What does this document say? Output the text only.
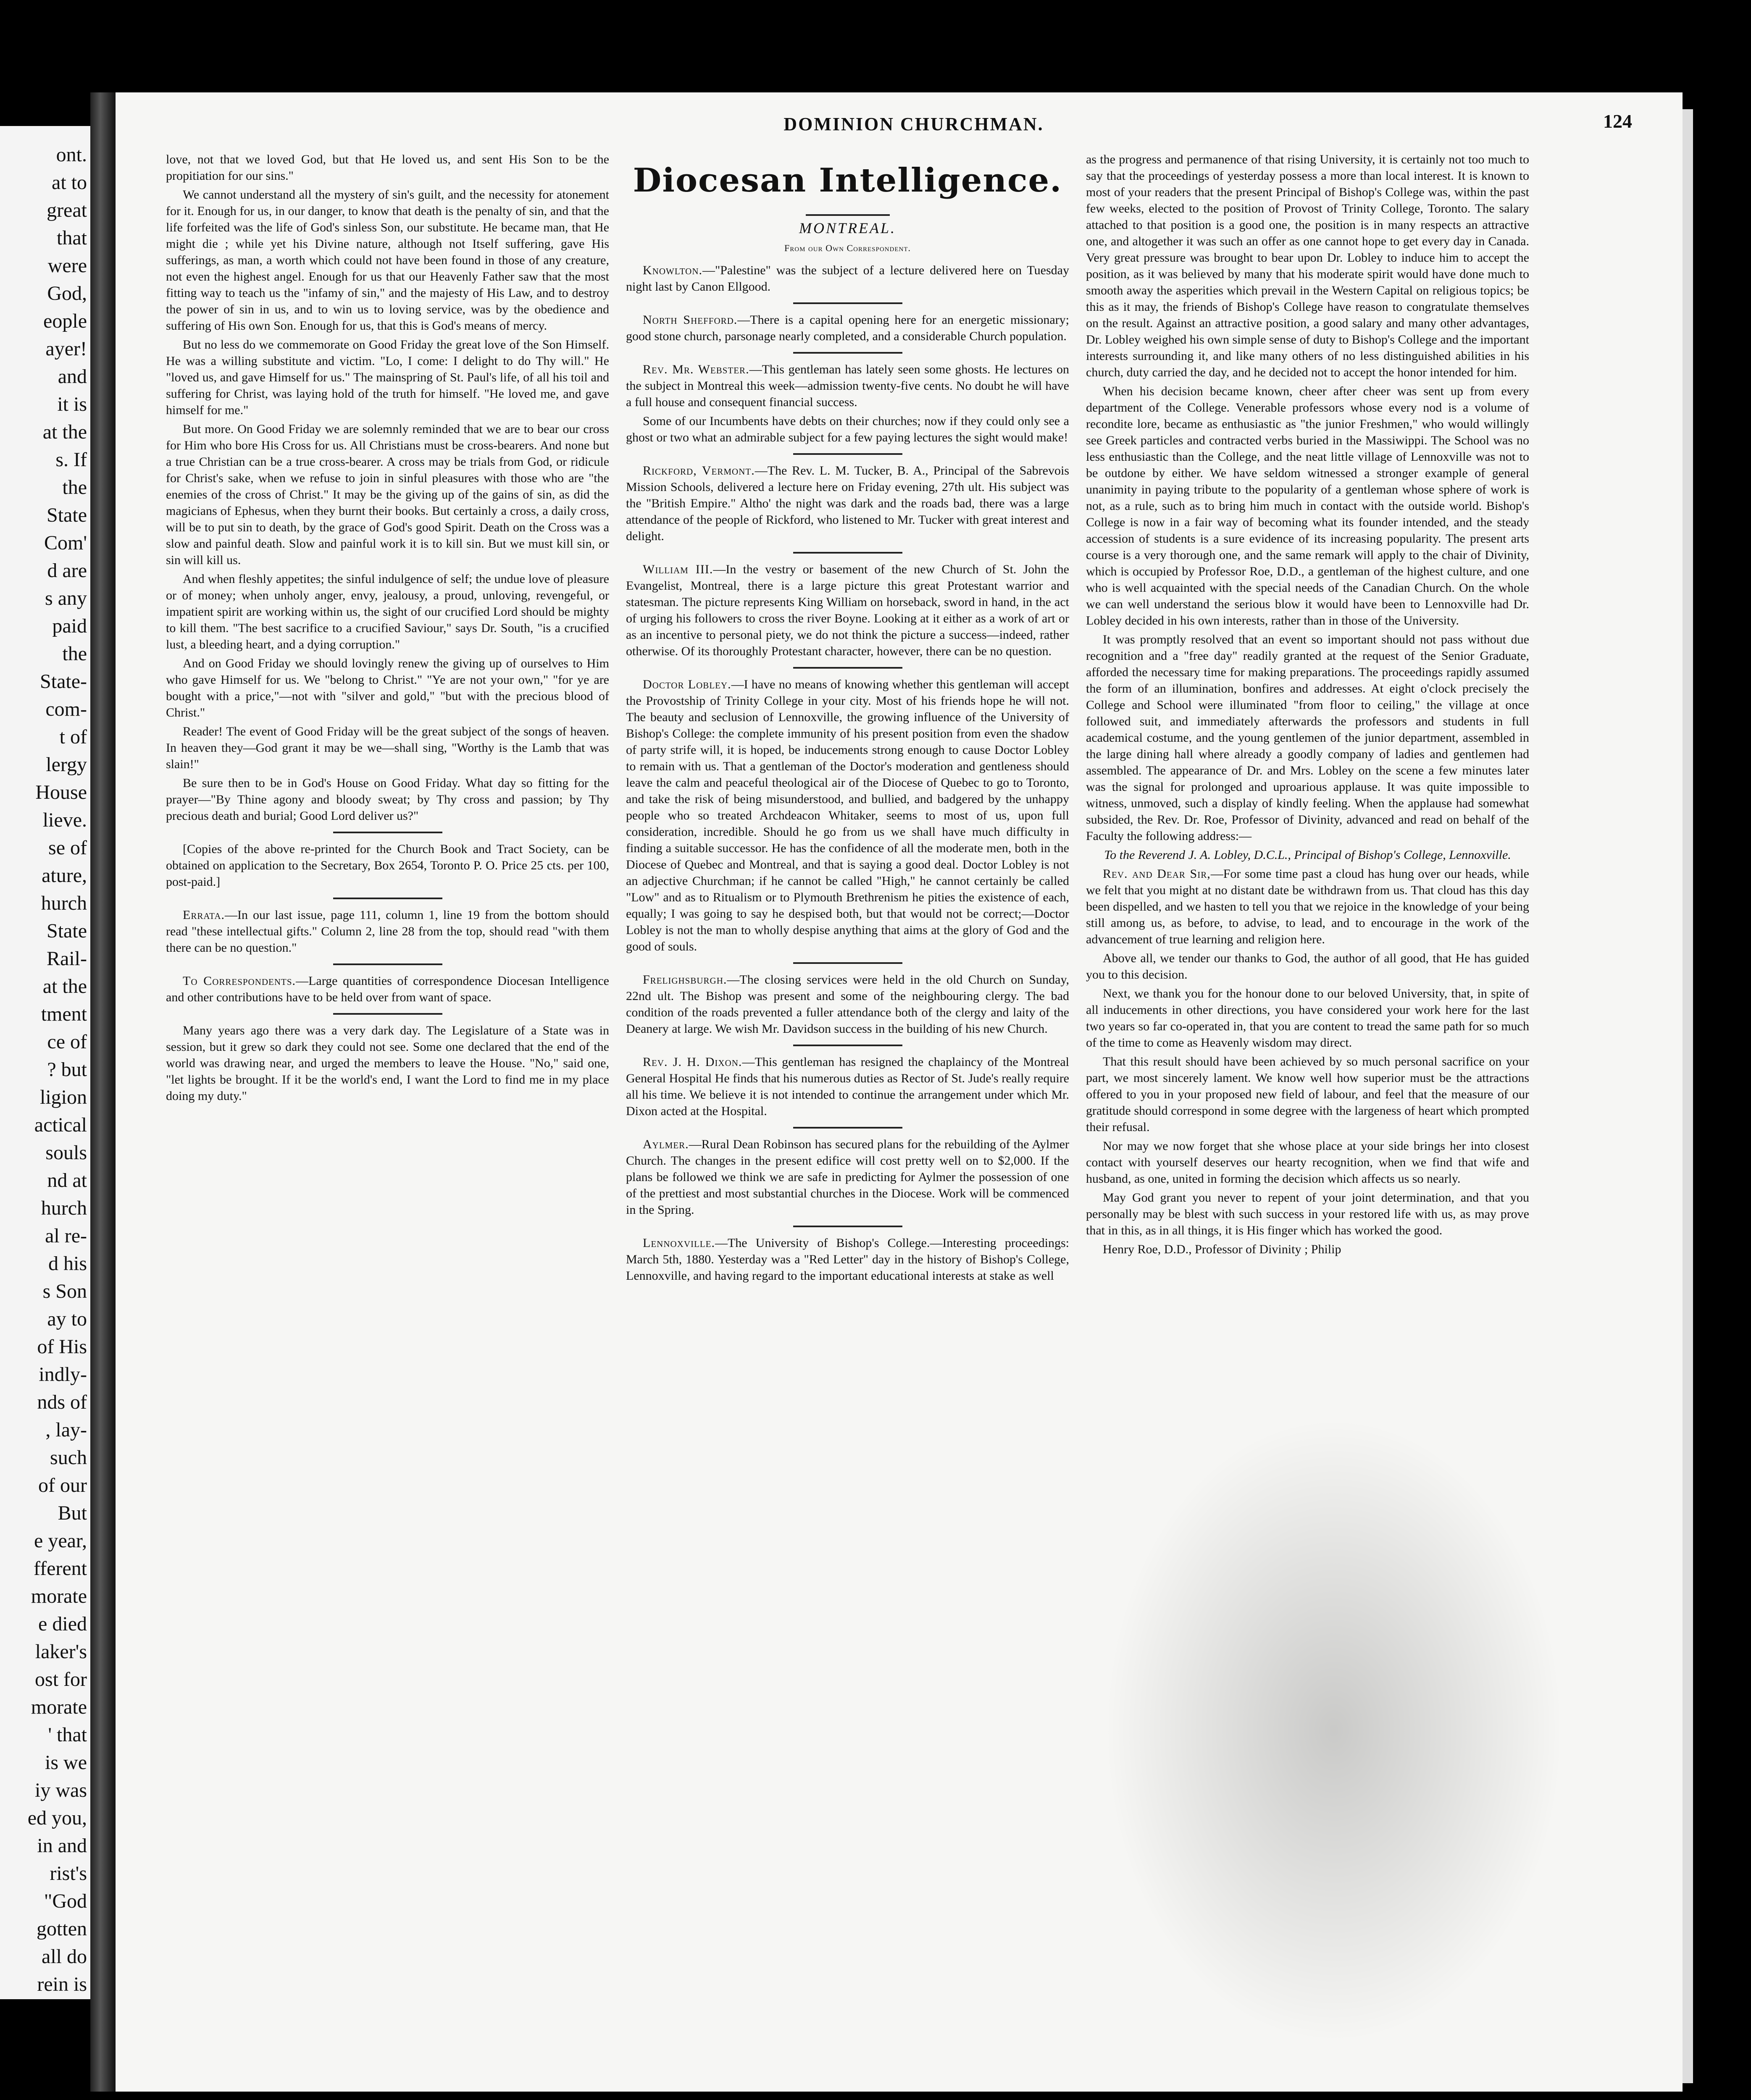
ont.
at to
great
that
were
God,
eople
ayer!
and
it is
at the
s. If
the
State
Com'
d are
s any
paid
the
State-
com-
t of
lergy
House
lieve.
se of
ature,
hurch
State
Rail-
at the
tment
ce of
? but
ligion
actical
souls
nd at
hurch
al re-
d his
s Son
ay to
of His
indly-
nds of
, lay-
such
of our
But
e year,
fferent
morate
e died
laker's
ost for
morate
' that
is we
iy was
ed you,
in and
rist's
"God
gotten
all do
rein is
DOMINION CHURCHMAN.	124

love, not that we loved God, but that He loved us, and sent His Son to be the propitiation for our sins."

We cannot understand all the mystery of sin's guilt, and the necessity for atonement for it. Enough for us, in our danger, to know that death is the penalty of sin, and that the life forfeited was the life of God's sinless Son, our substitute. He became man, that He might die ; while yet his Divine nature, although not Itself suffering, gave His sufferings, as man, a worth which could not have been found in those of any creature, not even the highest angel. Enough for us that our Heavenly Father saw that the most fitting way to teach us the "infamy of sin," and the majesty of His Law, and to destroy the power of sin in us, and to win us to loving service, was by the obedience and suffering of His own Son. Enough for us, that this is God's means of mercy.

But no less do we commemorate on Good Friday the great love of the Son Himself. He was a willing substitute and victim. "Lo, I come: I delight to do Thy will." He "loved us, and gave Himself for us." The mainspring of St. Paul's life, of all his toil and suffering for Christ, was laying hold of the truth for himself. "He loved me, and gave himself for me."

But more. On Good Friday we are solemnly reminded that we are to bear our cross for Him who bore His Cross for us. All Christians must be cross-bearers. And none but a true Christian can be a true cross-bearer. A cross may be trials from God, or ridicule for Christ's sake, when we refuse to join in sinful pleasures with those who are "the enemies of the cross of Christ." It may be the giving up of the gains of sin, as did the magicians of Ephesus, when they burnt their books. But certainly a cross, a daily cross, will be to put sin to death, by the grace of God's good Spirit. Death on the Cross was a slow and painful death. Slow and painful work it is to kill sin. But we must kill sin, or sin will kill us.

And when fleshly appetites; the sinful indulgence of self; the undue love of pleasure or of money; when unholy anger, envy, jealousy, a proud, unloving, revengeful, or impatient spirit are working within us, the sight of our crucified Lord should be mighty to kill them. "The best sacrifice to a crucified Saviour," says Dr. South, "is a crucified lust, a bleeding heart, and a dying corruption."

And on Good Friday we should lovingly renew the giving up of ourselves to Him who gave Himself for us. We "belong to Christ." "Ye are not your own," "for ye are bought with a price,"—not with "silver and gold," "but with the precious blood of Christ."

Reader! The event of Good Friday will be the great subject of the songs of heaven. In heaven they—God grant it may be we—shall sing, "Worthy is the Lamb that was slain!"

Be sure then to be in God's House on Good Friday. What day so fitting for the prayer—"By Thine agony and bloody sweat; by Thy cross and passion; by Thy precious death and burial; Good Lord deliver us?"

[Copies of the above re-printed for the Church Book and Tract Society, can be obtained on application to the Secretary, Box 2654, Toronto P. O. Price 25 cts. per 100, post-paid.]

Errata.—In our last issue, page 111, column 1, line 19 from the bottom should read "these intellectual gifts." Column 2, line 28 from the top, should read "with them there can be no question."

To Correspondents.—Large quantities of correspondence Diocesan Intelligence and other contributions have to be held over from want of space.

Many years ago there was a very dark day. The Legislature of a State was in session, but it grew so dark they could not see. Some one declared that the end of the world was drawing near, and urged the members to leave the House. "No," said one, "let lights be brought. If it be the world's end, I want the Lord to find me in my place doing my duty."

Diocesan Intelligence.
MONTREAL.
From our Own Correspondent.

Knowlton.—"Palestine" was the subject of a lecture delivered here on Tuesday night last by Canon Ellgood.

North Shefford.—There is a capital opening here for an energetic missionary; good stone church, parsonage nearly completed, and a considerable Church population.

Rev. Mr. Webster.—This gentleman has lately seen some ghosts. He lectures on the subject in Montreal this week—admission twenty-five cents. No doubt he will have a full house and consequent financial success.

Some of our Incumbents have debts on their churches; now if they could only see a ghost or two what an admirable subject for a few paying lectures the sight would make!

Rickford, Vermont.—The Rev. L. M. Tucker, B. A., Principal of the Sabrevois Mission Schools, delivered a lecture here on Friday evening, 27th ult. His subject was the "British Empire." Altho' the night was dark and the roads bad, there was a large attendance of the people of Rickford, who listened to Mr. Tucker with great interest and delight.

William III.—In the vestry or basement of the new Church of St. John the Evangelist, Montreal, there is a large picture this great Protestant warrior and statesman. The picture represents King William on horseback, sword in hand, in the act of urging his followers to cross the river Boyne. Looking at it either as a work of art or as an incentive to personal piety, we do not think the picture a success—indeed, rather otherwise. Of its thoroughly Protestant character, however, there can be no question.

Doctor Lobley.—I have no means of knowing whether this gentleman will accept the Provostship of Trinity College in your city. Most of his friends hope he will not. The beauty and seclusion of Lennoxville, the growing influence of the University of Bishop's College: the complete immunity of his present position from even the shadow of party strife will, it is hoped, be inducements strong enough to cause Doctor Lobley to remain with us. That a gentleman of the Doctor's moderation and gentleness should leave the calm and peaceful theological air of the Diocese of Quebec to go to Toronto, and take the risk of being misunderstood, and bullied, and badgered by the unhappy people who so treated Archdeacon Whitaker, seems to most of us, upon full consideration, incredible. Should he go from us we shall have much difficulty in finding a suitable successor. He has the confidence of all the moderate men, both in the Diocese of Quebec and Montreal, and that is saying a good deal. Doctor Lobley is not an adjective Churchman; if he cannot be called "High," he cannot certainly be called "Low" and as to Ritualism or to Plymouth Brethrenism he pities the existence of each, equally; I was going to say he despised both, but that would not be correct;—Doctor Lobley is not the man to wholly despise anything that aims at the glory of God and the good of souls.

Frelighsburgh.—The closing services were held in the old Church on Sunday, 22nd ult. The Bishop was present and some of the neighbouring clergy. The bad condition of the roads prevented a fuller attendance both of the clergy and laity of the Deanery at large. We wish Mr. Davidson success in the building of his new Church.

Rev. J. H. Dixon.—This gentleman has resigned the chaplaincy of the Montreal General Hospital He finds that his numerous duties as Rector of St. Jude's really require all his time. We believe it is not intended to continue the arrangement under which Mr. Dixon acted at the Hospital.

Aylmer.—Rural Dean Robinson has secured plans for the rebuilding of the Aylmer Church. The changes in the present edifice will cost pretty well on to $2,000. If the plans be followed we think we are safe in predicting for Aylmer the possession of one of the prettiest and most substantial churches in the Diocese. Work will be commenced in the Spring.

Lennoxville.—The University of Bishop's College.—Interesting proceedings: March 5th, 1880. Yesterday was a "Red Letter" day in the history of Bishop's College, Lennoxville, and having regard to the important educational interests at stake as well

as the progress and permanence of that rising University, it is certainly not too much to say that the proceedings of yesterday possess a more than local interest. It is known to most of your readers that the present Principal of Bishop's College was, within the past few weeks, elected to the position of Provost of Trinity College, Toronto. The salary attached to that position is a good one, the position is in many respects an attractive one, and altogether it was such an offer as one cannot hope to get every day in Canada. Very great pressure was brought to bear upon Dr. Lobley to induce him to accept the position, as it was believed by many that his moderate spirit would have done much to smooth away the asperities which prevail in the Western Capital on religious topics; be this as it may, the friends of Bishop's College have reason to congratulate themselves on the result. Against an attractive position, a good salary and many other advantages, Dr. Lobley weighed his own simple sense of duty to Bishop's College and the important interests surrounding it, and like many others of no less distinguished abilities in his church, duty carried the day, and he decided not to accept the honor intended for him.

When his decision became known, cheer after cheer was sent up from every department of the College. Venerable professors whose every nod is a volume of recondite lore, became as enthusiastic as "the junior Freshmen," who would willingly see Greek particles and contracted verbs buried in the Massiwippi. The School was no less enthusiastic than the College, and the neat little village of Lennoxville was not to be outdone by either. We have seldom witnessed a stronger example of general unanimity in paying tribute to the popularity of a gentleman whose sphere of work is not, as a rule, such as to bring him much in contact with the outside world. Bishop's College is now in a fair way of becoming what its founder intended, and the steady accession of students is a sure evidence of its increasing popularity. The present arts course is a very thorough one, and the same remark will apply to the chair of Divinity, which is occupied by Professor Roe, D.D., a gentleman of the highest culture, and one who is well acquainted with the special needs of the Canadian Church. On the whole we can well understand the serious blow it would have been to Lennoxville had Dr. Lobley decided in his own interests, rather than in those of the University.

It was promptly resolved that an event so important should not pass without due recognition and a "free day" readily granted at the request of the Senior Graduate, afforded the necessary time for making preparations. The proceedings rapidly assumed the form of an illumination, bonfires and addresses. At eight o'clock precisely the College and School were illuminated "from floor to ceiling," the village at once followed suit, and immediately afterwards the professors and students in full academical costume, and the young gentlemen of the junior department, assembled in the large dining hall where already a goodly company of ladies and gentlemen had assembled. The appearance of Dr. and Mrs. Lobley on the scene a few minutes later was the signal for prolonged and uproarious applause. It was quite impossible to witness, unmoved, such a display of kindly feeling. When the applause had somewhat subsided, the Rev. Dr. Roe, Professor of Divinity, advanced and read on behalf of the Faculty the following address:—

To the Reverend J. A. Lobley, D.C.L., Principal of Bishop's College, Lennoxville.

Rev. and Dear Sir,—For some time past a cloud has hung over our heads, while we felt that you might at no distant date be withdrawn from us. That cloud has this day been dispelled, and we hasten to tell you that we rejoice in the knowledge of your being still among us, as before, to advise, to lead, and to encourage in the work of the advancement of true learning and religion here.

Above all, we tender our thanks to God, the author of all good, that He has guided you to this decision.

Next, we thank you for the honour done to our beloved University, that, in spite of all inducements in other directions, you have considered your work here for the last two years so far co-operated in, that you are content to tread the same path for so much of the time to come as Heavenly wisdom may direct.

That this result should have been achieved by so much personal sacrifice on your part, we most sincerely lament. We know well how superior must be the attractions offered to you in your proposed new field of labour, and feel that the measure of our gratitude should correspond in some degree with the largeness of heart which prompted their refusal.

Nor may we now forget that she whose place at your side brings her into closest contact with yourself deserves our hearty recognition, when we find that wife and husband, as one, united in forming the decision which affects us so nearly.

May God grant you never to repent of your joint determination, and that you personally may be blest with such success in your restored life with us, as may prove that in this, as in all things, it is His finger which has worked the good.

Henry Roe, D.D., Professor of Divinity ; Philip
